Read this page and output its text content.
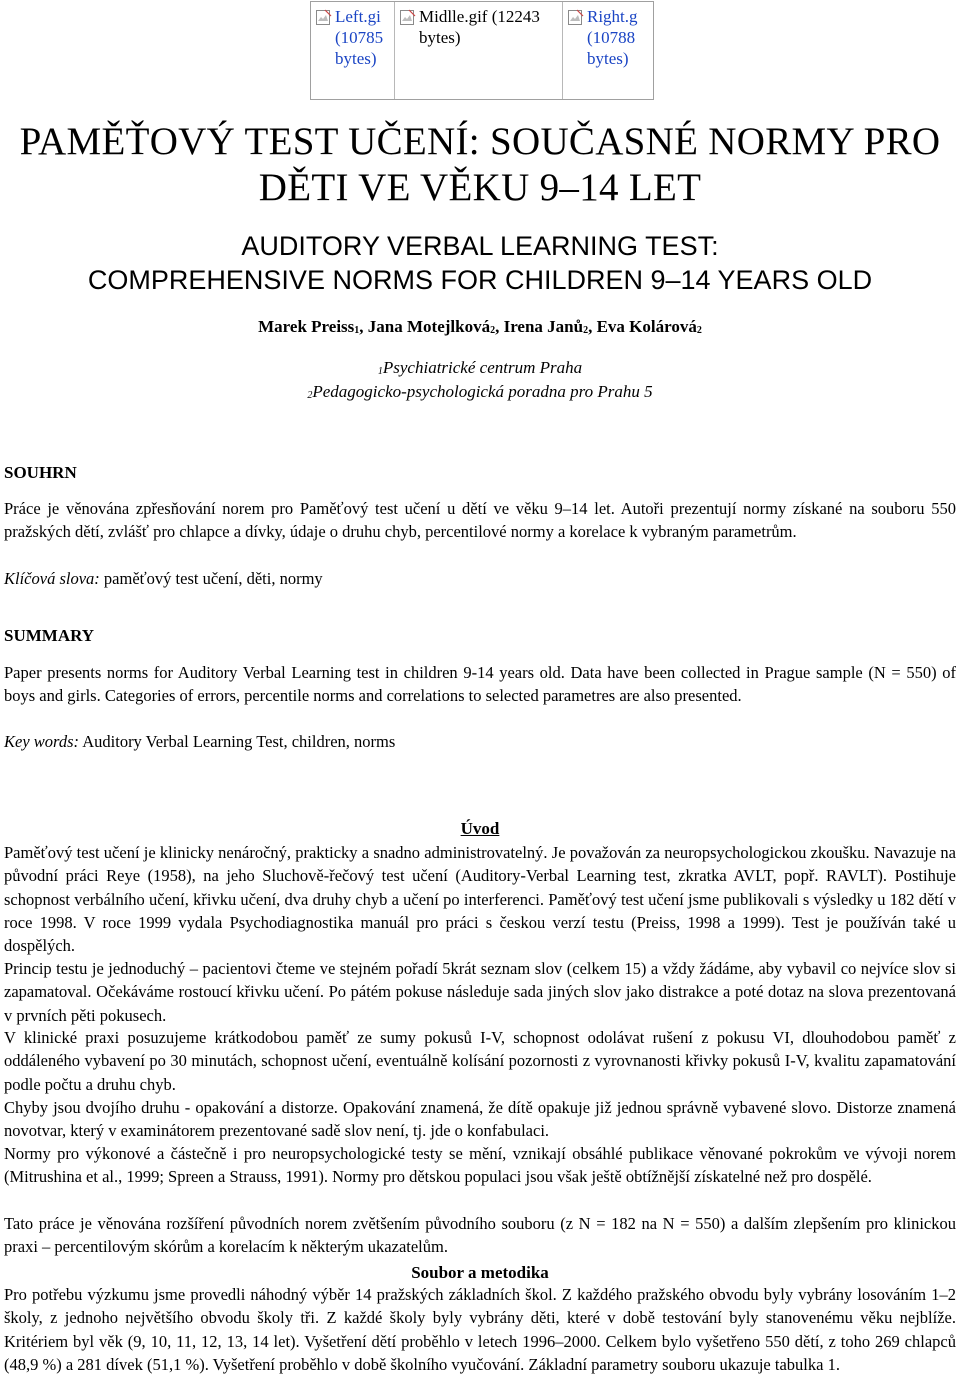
Left.gi
(10785
bytes)
Midlle.gif (12243
bytes)
Right.g
(10788
bytes)
PAMĚŤOVÝ TEST UČENÍ: SOUČASNÉ NORMY PRO
DĚTI VE VĚKU 9–14 LET
AUDITORY VERBAL LEARNING TEST:
COMPREHENSIVE NORMS FOR CHILDREN 9–14 YEARS OLD
Marek Preiss$_1$, Jana Motejlková$_2$, Irena Janů$_2$, Eva Kolárová$_2$
$_1$Psychiatrické centrum Praha
$_2$Pedagogicko-psychologická poradna pro Prahu 5
SOUHRN
Práce je věnována zpřesňování norem pro Paměťový test učení u dětí ve věku 9–14 let. Autoři prezentují normy získané na souboru 550 pražských dětí, zvlášť pro chlapce a dívky, údaje o druhu chyb, percentilové normy a korelace k vybraným parametrům.
Klíčová slova: paměťový test učení, děti, normy
SUMMARY
Paper presents norms for Auditory Verbal Learning test in children 9-14 years old. Data have been collected in Prague sample (N = 550) of boys and girls. Categories of errors, percentile norms and correlations to selected parametres are also presented.
Key words: Auditory Verbal Learning Test, children, norms
Úvod
Paměťový test učení je klinicky nenáročný, prakticky a snadno administrovatelný. Je považován za neuropsychologickou zkoušku. Navazuje na původní práci Reye (1958), na jeho Sluchově-řečový test učení (Auditory-Verbal Learning test, zkratka AVLT, popř. RAVLT). Postihuje schopnost verbálního učení, křivku učení, dva druhy chyb a učení po interferenci. Paměťový test učení jsme publikovali s výsledky u 182 dětí v roce 1998. V roce 1999 vydala Psychodiagnostika manuál pro práci s českou verzí testu (Preiss, 1998 a 1999). Test je používán také u dospělých.
Princip testu je jednoduchý – pacientovi čteme ve stejném pořadí 5krát seznam slov (celkem 15) a vždy žádáme, aby vybavil co nejvíce slov si zapamatoval. Očekáváme rostoucí křivku učení. Po pátém pokuse následuje sada jiných slov jako distrakce a poté dotaz na slova prezentovaná v prvních pěti pokusech.
V klinické praxi posuzujeme krátkodobou paměť ze sumy pokusů I-V, schopnost odolávat rušení z pokusu VI, dlouhodobou paměť z oddáleného vybavení po 30 minutách, schopnost učení, eventuálně kolísání pozornosti z vyrovnanosti křivky pokusů I-V, kvalitu zapamatování podle počtu a druhu chyb.
Chyby jsou dvojího druhu - opakování a distorze. Opakování znamená, že dítě opakuje již jednou správně vybavené slovo. Distorze znamená novotvar, který v examinátorem prezentované sadě slov není, tj. jde o konfabulaci.
Normy pro výkonové a částečně i pro neuropsychologické testy se mění, vznikají obsáhlé publikace věnované pokrokům ve vývoji norem (Mitrushina et al., 1999; Spreen a Strauss, 1991). Normy pro dětskou populaci jsou však ještě obtížnější získatelné než pro dospělé.
Tato práce je věnována rozšíření původních norem zvětšením původního souboru (z N = 182 na N = 550) a dalším zlepšením pro klinickou praxi – percentilovým skórům a korelacím k některým ukazatelům.
Soubor a metodika
Pro potřebu výzkumu jsme provedli náhodný výběr 14 pražských základních škol. Z každého pražského obvodu byly vybrány losováním 1–2 školy, z jednoho největšího obvodu školy tři. Z každé školy byly vybrány děti, které v době testování byly stanovenému věku nejblíže. Kritériem byl věk (9, 10, 11, 12, 13, 14 let). Vyšetření dětí proběhlo v letech 1996–2000. Celkem bylo vyšetřeno 550 dětí, z toho 269 chlapců (48,9 %) a 281 dívek (51,1 %). Vyšetření proběhlo v době školního vyučování. Základní parametry souboru ukazuje tabulka 1.
